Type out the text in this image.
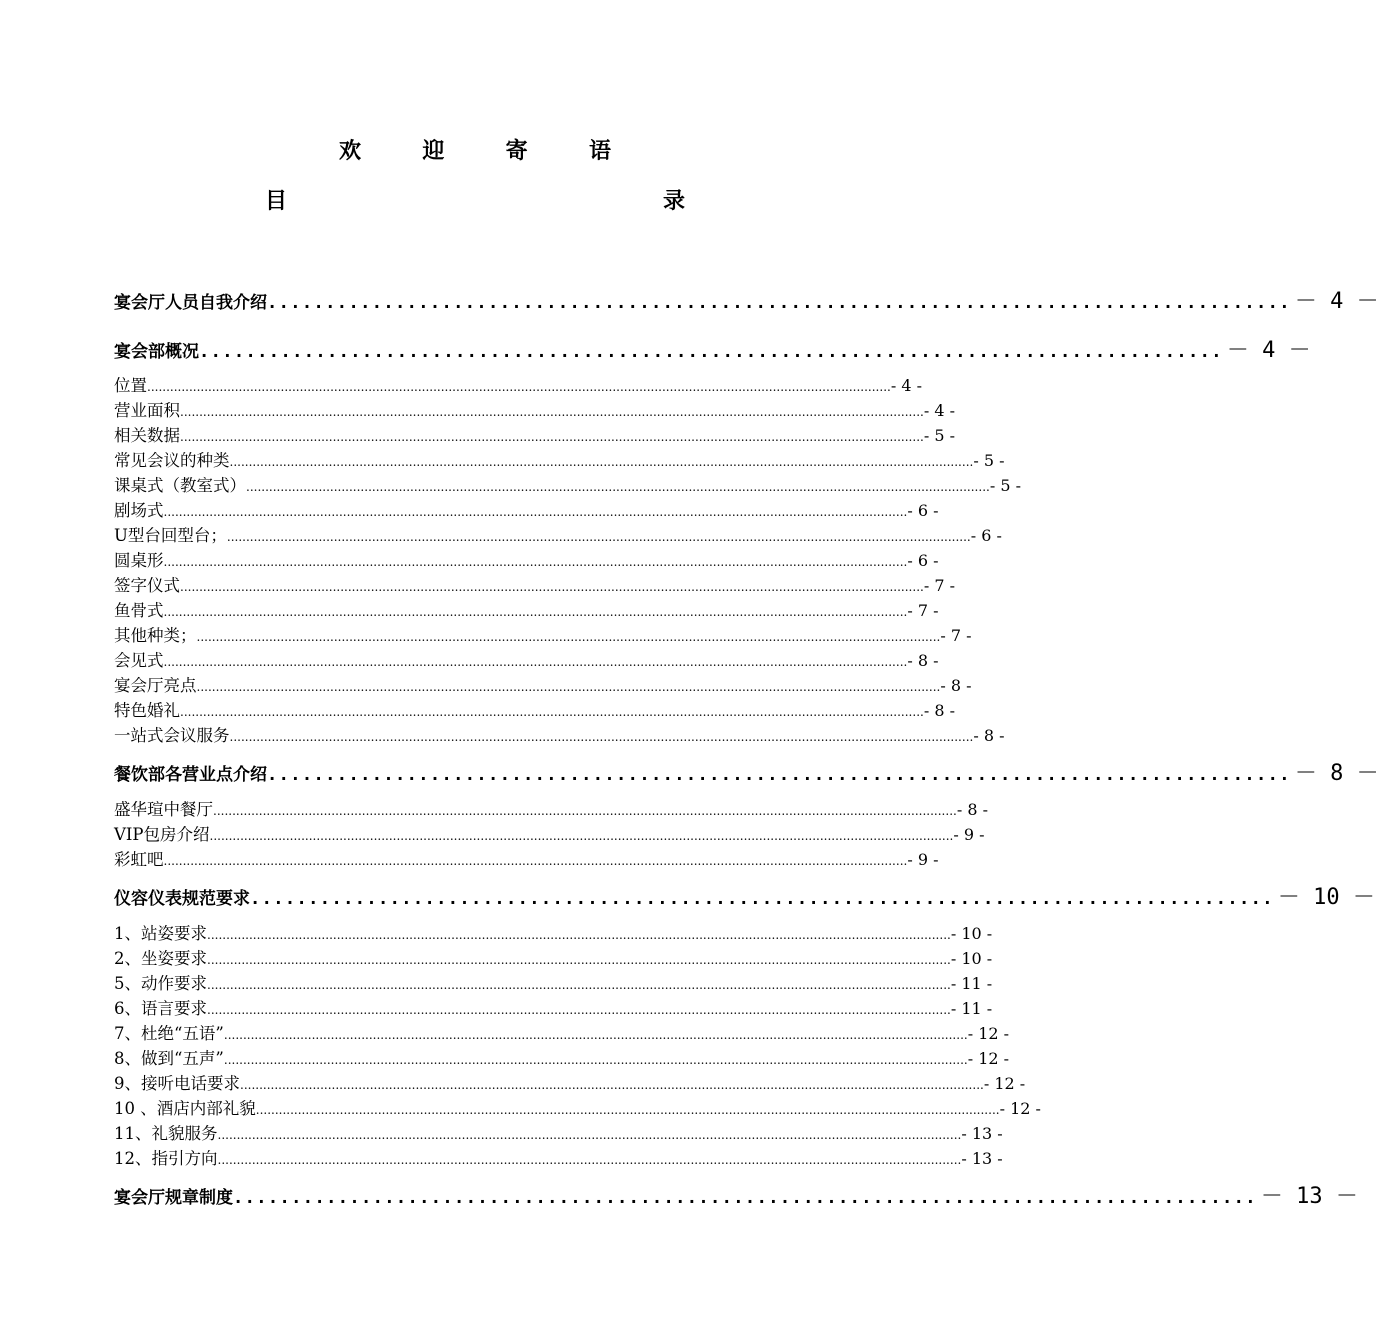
欢	迎	寄	语
目	录
宴会厅人员自我介绍 ........................................................................................ － 4 －
宴会部概况 ........................................................................................ － 4 －
位置 ................................................................................................................................................................................................... - 4 -
营业面积 ................................................................................................................................................................................................... - 4 -
相关数据 ................................................................................................................................................................................................... - 5 -
常见会议的种类 ................................................................................................................................................................................................... - 5 -
课桌式（教室式） ................................................................................................................................................................................................... - 5 -
剧场式 ................................................................................................................................................................................................... - 6 -
U型台回型台； ................................................................................................................................................................................................... - 6 -
圆桌形 ................................................................................................................................................................................................... - 6 -
签字仪式 ................................................................................................................................................................................................... - 7 -
鱼骨式 ................................................................................................................................................................................................... - 7 -
其他种类； ................................................................................................................................................................................................... - 7 -
会见式 ................................................................................................................................................................................................... - 8 -
宴会厅亮点 ................................................................................................................................................................................................... - 8 -
特色婚礼 ................................................................................................................................................................................................... - 8 -
一站式会议服务 ................................................................................................................................................................................................... - 8 -
餐饮部各营业点介绍 ........................................................................................ － 8 －
盛华瑄中餐厅 ................................................................................................................................................................................................... - 8 -
VIP包房介绍 ................................................................................................................................................................................................... - 9 -
彩虹吧 ................................................................................................................................................................................................... - 9 -
仪容仪表规范要求 ........................................................................................ － 10 －
1、站姿要求 ................................................................................................................................................................................................... - 10 -
2、坐姿要求 ................................................................................................................................................................................................... - 10 -
5、动作要求 ................................................................................................................................................................................................... - 11 -
6、语言要求 ................................................................................................................................................................................................... - 11 -
7、杜绝“五语” ................................................................................................................................................................................................... - 12 -
8、做到“五声” ................................................................................................................................................................................................... - 12 -
9、接听电话要求 ................................................................................................................................................................................................... - 12 -
10 、酒店内部礼貌 ................................................................................................................................................................................................... - 12 -
11、礼貌服务 ................................................................................................................................................................................................... - 13 -
12、指引方向 ................................................................................................................................................................................................... - 13 -
宴会厅规章制度 ........................................................................................ － 13 －
